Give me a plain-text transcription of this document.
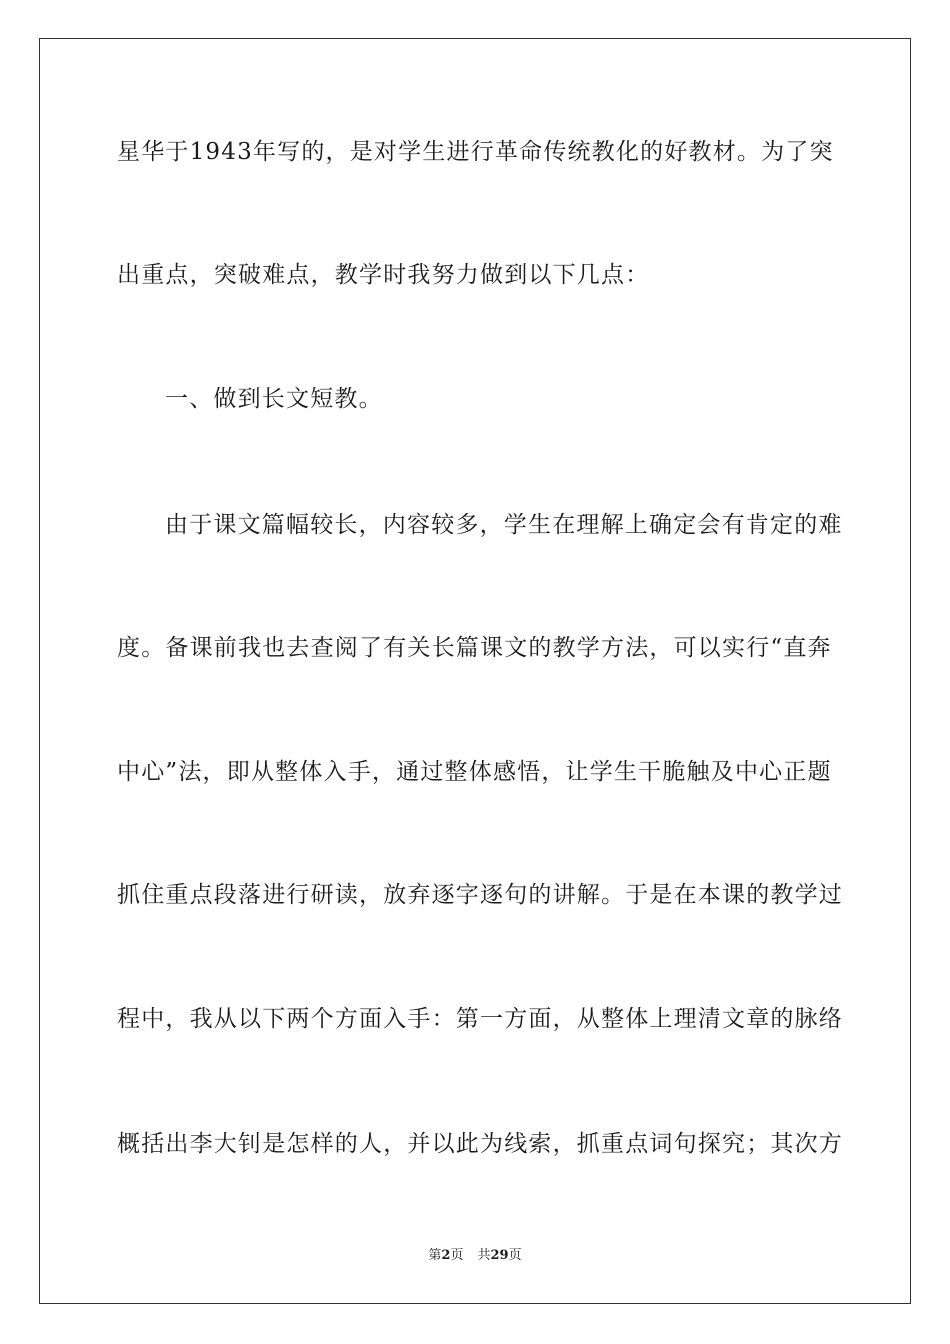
星华于1943年写的，是对学生进行革命传统教化的好教材。为了突
出重点，突破难点，教学时我努力做到以下几点：
一、做到长文短教。
由于课文篇幅较长，内容较多，学生在理解上确定会有肯定的难
度。备课前我也去查阅了有关长篇课文的教学方法，可以实行“直奔
中心”法，即从整体入手，通过整体感悟，让学生干脆触及中心正题
抓住重点段落进行研读，放弃逐字逐句的讲解。于是在本课的教学过
程中，我从以下两个方面入手：第一方面，从整体上理清文章的脉络
概括出李大钊是怎样的人，并以此为线索，抓重点词句探究；其次方
第2页 共29页
